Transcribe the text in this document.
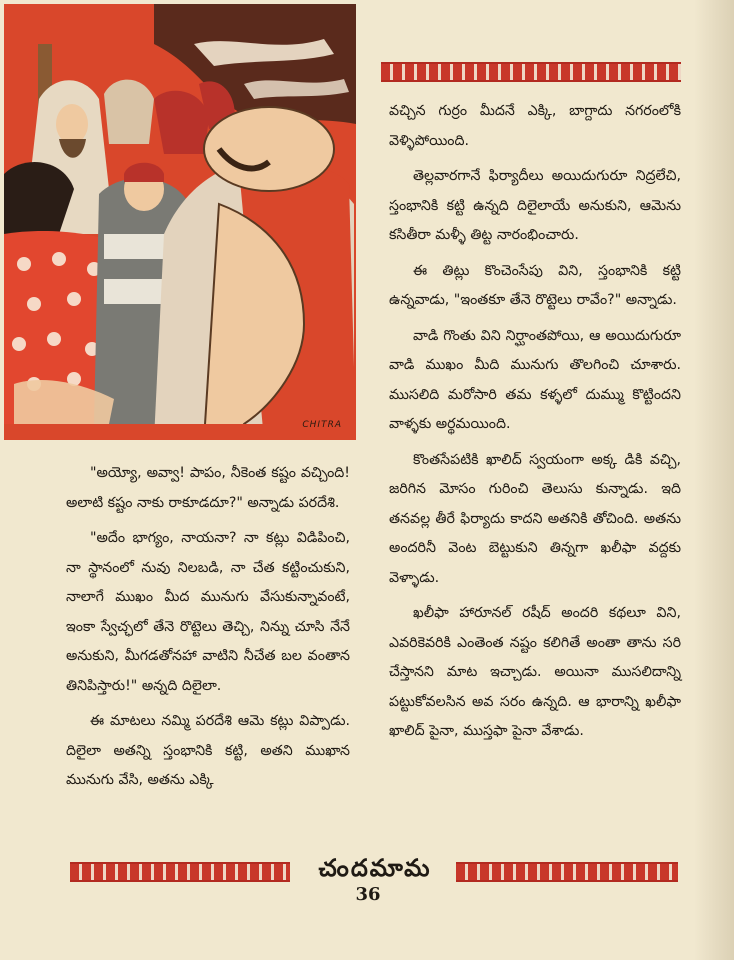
CHITRA

"అయ్యో, అవ్వా! పాపం, నీకెంత కష్టం వచ్చింది! అలాటి కష్టం నాకు రాకూడదూ?" అన్నాడు పరదేశి.

"అదేం భాగ్యం, నాయనా? నా కట్లు విడిపించి, నా స్థానంలో నువు నిలబడి, నా చేత కట్టించుకుని, నాలాగే ముఖం మీద మునుగు వేసుకున్నావంటే, ఇంకా స్వేచ్ఛలో తేనె రొట్టెలు తెచ్చి, నిన్ను చూసి నేనే అనుకుని, మీగడతోనహా వాటిని నీచేత బల వంతాన తినిపిస్తారు!" అన్నది దిలైలా.

ఈ మాటలు నమ్మి పరదేశి ఆమె కట్లు విప్పాడు. దిలైలా అతన్ని స్తంభానికి కట్టి, అతని ముఖాన మునుగు వేసి, అతను ఎక్కి

వచ్చిన గుర్రం మీదనే ఎక్కి, బాగ్దాదు నగరంలోకి వెళ్ళిపోయింది.

తెల్లవారగానే ఫిర్యాదీలు అయిదుగురూ నిద్రలేచి, స్తంభానికి కట్టి ఉన్నది దిలైలాయే అనుకుని, ఆమెను కసితీరా మళ్ళీ తిట్ట నారంభించారు.

ఈ తిట్లు కొంచెంసేపు విని, స్తంభానికి కట్టి ఉన్నవాడు, "ఇంతకూ తేనె రొట్టెలు రావేం?" అన్నాడు.

వాడి గొంతు విని నిర్ఘాంతపోయి, ఆ అయిదుగురూ వాడి ముఖం మీది మునుగు తొలగించి చూశారు. ముసలిది మరోసారి తమ కళ్ళలో దుమ్ము కొట్టిందని వాళ్ళకు అర్థమయింది.

కొంతసేపటికి ఖాలిద్ స్వయంగా అక్క డికి వచ్చి, జరిగిన మోసం గురించి తెలుసు కున్నాడు. ఇది తనవల్ల తీరే ఫిర్యాదు కాదని అతనికి తోచింది. అతను అందరినీ వెంట బెట్టుకుని తిన్నగా ఖలీఫా వద్దకు వెళ్ళాడు.

ఖలీఫా హారూనల్ రషీద్ అందరి కథలూ విని, ఎవరికెవరికి ఎంతెంత నష్టం కలిగితే అంతా తాను సరి చేస్తానని మాట ఇచ్చాడు. అయినా ముసలిదాన్ని పట్టుకోవలసిన అవ సరం ఉన్నది. ఆ భారాన్ని ఖలీఫా ఖాలిద్ పైనా, ముస్తఫా పైనా వేశాడు.

చందమామ
36
